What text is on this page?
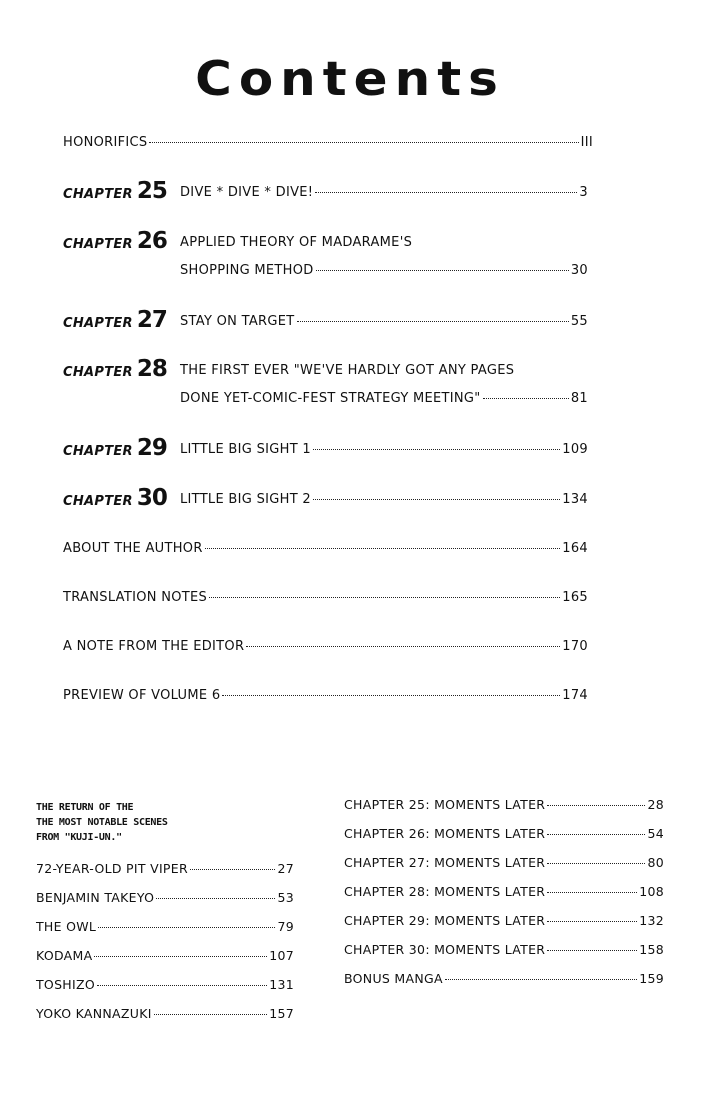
Contents
HONORIFICS	III
CHAPTER 25 DIVE * DIVE * DIVE!	3
CHAPTER 26 APPLIED THEORY OF MADARAME'S
SHOPPING METHOD	30
CHAPTER 27 STAY ON TARGET	55
CHAPTER 28 THE FIRST EVER "WE'VE HARDLY GOT ANY PAGES
DONE YET-COMIC-FEST STRATEGY MEETING"	81
CHAPTER 29 LITTLE BIG SIGHT 1	109
CHAPTER 30 LITTLE BIG SIGHT 2	134
ABOUT THE AUTHOR	164
TRANSLATION NOTES	165
A NOTE FROM THE EDITOR	170
PREVIEW OF VOLUME 6	174
THE RETURN OF THE
THE MOST NOTABLE SCENES
FROM "KUJI-UN."
72-YEAR-OLD PIT VIPER	27
BENJAMIN TAKEYO	53
THE OWL	79
KODAMA	107
TOSHIZO	131
YOKO KANNAZUKI	157
CHAPTER 25: MOMENTS LATER	28
CHAPTER 26: MOMENTS LATER	54
CHAPTER 27: MOMENTS LATER	80
CHAPTER 28: MOMENTS LATER	108
CHAPTER 29: MOMENTS LATER	132
CHAPTER 30: MOMENTS LATER	158
BONUS MANGA	159
